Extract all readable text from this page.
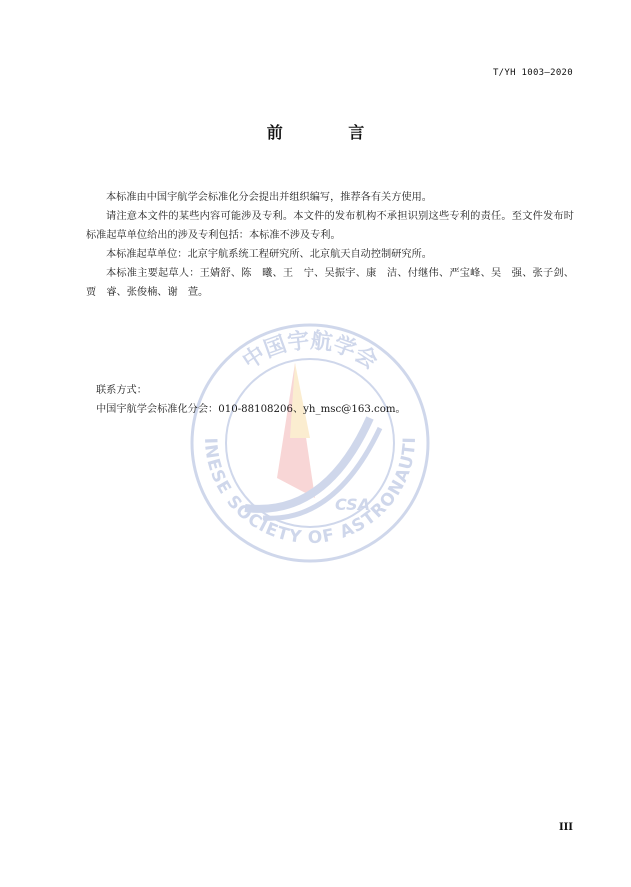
T/YH 1003—2020
前 言

本标准由中国宇航学会标准化分会提出并组织编写，推荐各有关方使用。

请注意本文件的某些内容可能涉及专利。本文件的发布机构不承担识别这些专利的责任。至文件发布时标准起草单位给出的涉及专利包括：本标准不涉及专利。

本标准起草单位：北京宇航系统工程研究所、北京航天自动控制研究所。

本标准主要起草人：王婧舒、陈　曦、王　宁、吴振宇、康　洁、付继伟、严宝峰、吴　强、张子剑、贾　睿、张俊楠、谢　萱。

中国宇航学会
INESE SOCIETY OF ASTRONAUTI
CSA

联系方式：

中国宇航学会标准化分会：010-88108206、yh_msc@163.com。

III
